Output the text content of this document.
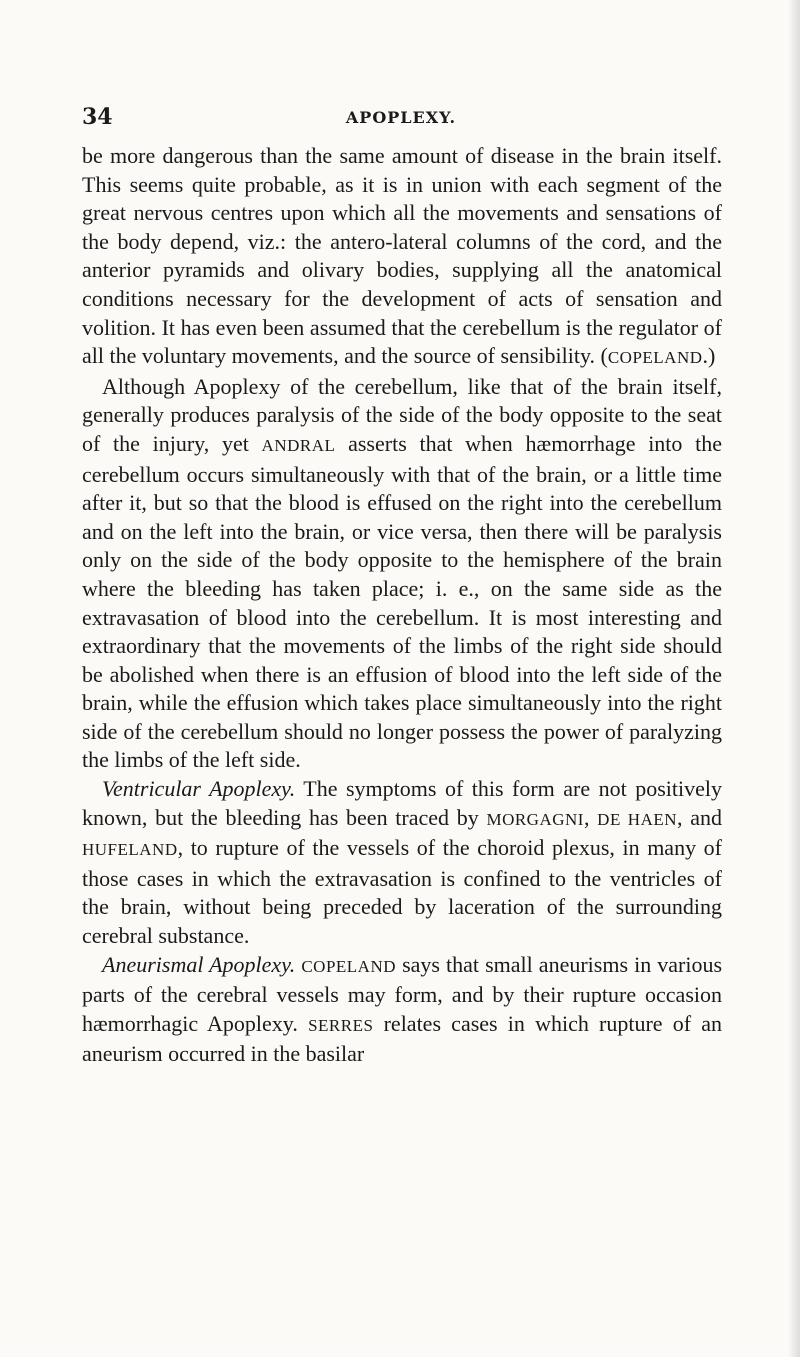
34	APOPLEXY.

be more dangerous than the same amount of disease in the brain itself. This seems quite probable, as it is in union with each segment of the great nervous centres upon which all the movements and sensations of the body depend, viz.: the antero-lateral columns of the cord, and the anterior pyramids and olivary bodies, supplying all the anatomical conditions necessary for the development of acts of sensation and volition. It has even been assumed that the cerebellum is the regulator of all the voluntary movements, and the source of sensibility. (COPELAND.)

Although Apoplexy of the cerebellum, like that of the brain itself, generally produces paralysis of the side of the body opposite to the seat of the injury, yet ANDRAL asserts that when hæmorrhage into the cerebellum occurs simultaneously with that of the brain, or a little time after it, but so that the blood is effused on the right into the cerebellum and on the left into the brain, or vice versa, then there will be paralysis only on the side of the body opposite to the hemisphere of the brain where the bleeding has taken place; i. e., on the same side as the extravasation of blood into the cerebellum. It is most interesting and extraordinary that the movements of the limbs of the right side should be abolished when there is an effusion of blood into the left side of the brain, while the effusion which takes place simultaneously into the right side of the cerebellum should no longer possess the power of paralyzing the limbs of the left side.

Ventricular Apoplexy. The symptoms of this form are not positively known, but the bleeding has been traced by MORGAGNI, DE HAEN, and HUFELAND, to rupture of the vessels of the choroid plexus, in many of those cases in which the extravasation is confined to the ventricles of the brain, without being preceded by laceration of the surrounding cerebral substance.

Aneurismal Apoplexy. COPELAND says that small aneurisms in various parts of the cerebral vessels may form, and by their rupture occasion hæmorrhagic Apoplexy. SERRES relates cases in which rupture of an aneurism occurred in the basilar
